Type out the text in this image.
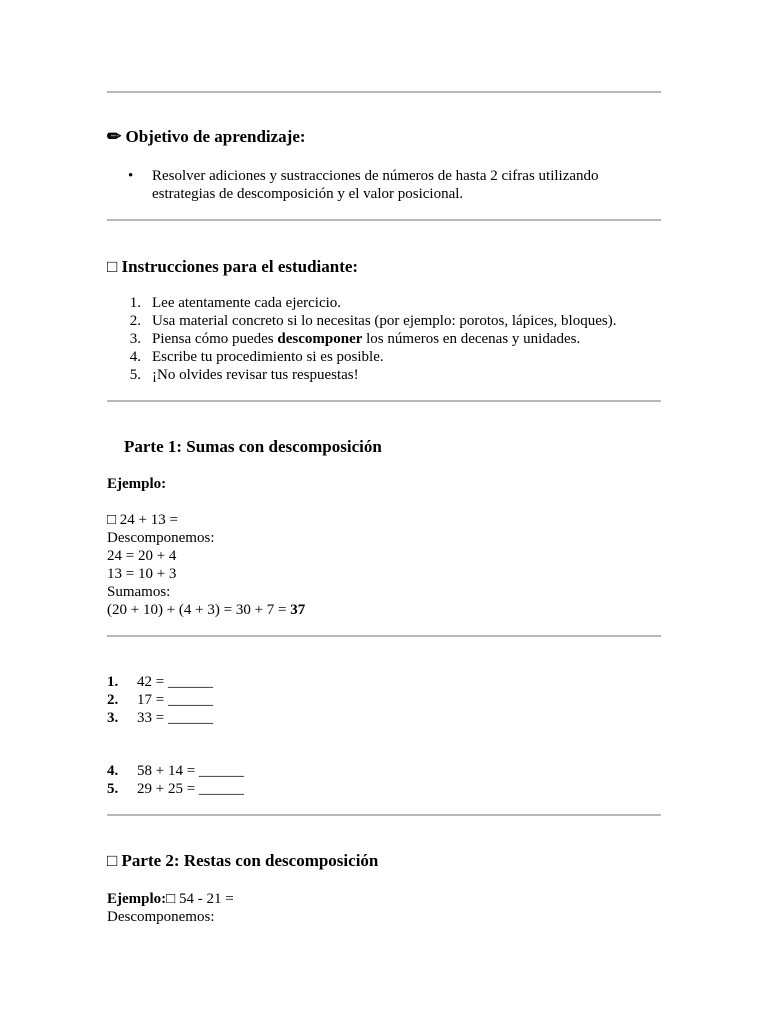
✏ Objetivo de aprendizaje:
• Resolver adiciones y sustracciones de números de hasta 2 cifras utilizando
estrategias de descomposición y el valor posicional.
□ Instrucciones para el estudiante:
1. Lee atentamente cada ejercicio.
2. Usa material concreto si lo necesitas (por ejemplo: porotos, lápices, bloques).
3. Piensa cómo puedes descomponer los números en decenas y unidades.
4. Escribe tu procedimiento si es posible.
5. ¡No olvides revisar tus respuestas!
Parte 1: Sumas con descomposición
Ejemplo:
□ 24 + 13 =
Descomponemos:
24 = 20 + 4
13 = 10 + 3
Sumamos:
(20 + 10) + (4 + 3) = 30 + 7 = 37
1. 42 = ______
2. 17 = ______
3. 33 = ______
4. 58 + 14 = ______
5. 29 + 25 = ______
□ Parte 2: Restas con descomposición
Ejemplo:□ 54 - 21 =
Descomponemos:
